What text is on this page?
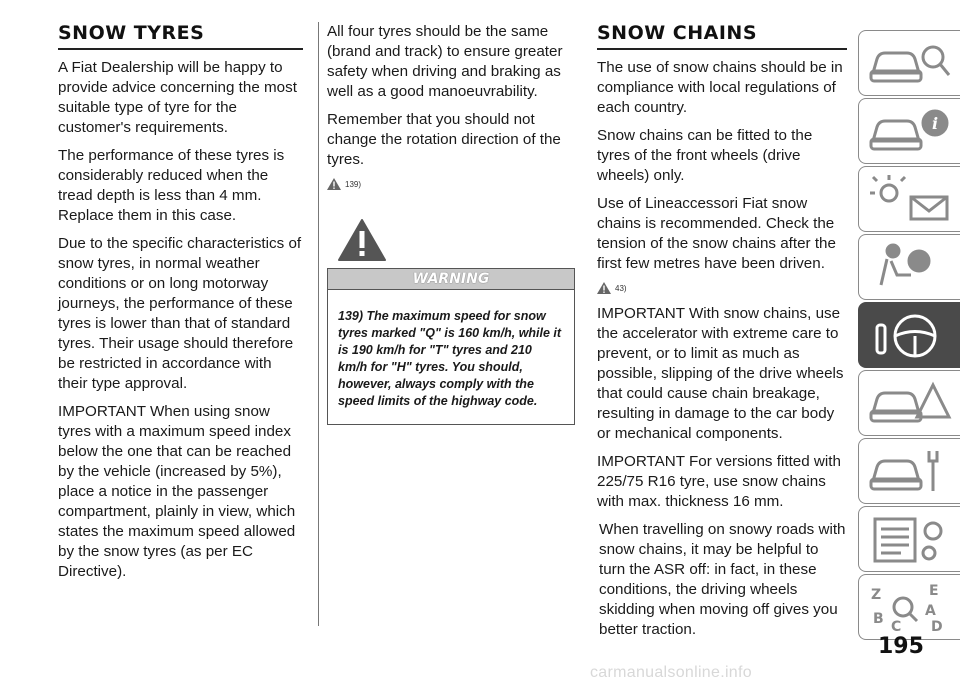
SNOW TYRES

A Fiat Dealership will be happy to provide advice concerning the most suitable type of tyre for the customer's requirements.

The performance of these tyres is considerably reduced when the tread depth is less than 4 mm. Replace them in this case.

Due to the specific characteristics of snow tyres, in normal weather conditions or on long motorway journeys, the performance of these tyres is lower than that of standard tyres. Their usage should therefore be restricted in accordance with their type approval.

IMPORTANT When using snow tyres with a maximum speed index below the one that can be reached by the vehicle (increased by 5%), place a notice in the passenger compartment, plainly in view, which states the maximum speed allowed by the snow tyres (as per EC Directive).

All four tyres should be the same (brand and track) to ensure greater safety when driving and braking as well as a good manoeuvrability.

Remember that you should not change the rotation direction of the tyres.

139)
WARNING

139) The maximum speed for snow tyres marked "Q" is 160 km/h, while it is 190 km/h for "T" tyres and 210 km/h for "H" tyres. You should, however, always comply with the speed limits of the highway code.

SNOW CHAINS

The use of snow chains should be in compliance with local regulations of each country.

Snow chains can be fitted to the tyres of the front wheels (drive wheels) only.

Use of Lineaccessori Fiat snow chains is recommended. Check the tension of the snow chains after the first few metres have been driven.

43)

IMPORTANT With snow chains, use the accelerator with extreme care to prevent, or to limit as much as possible, slipping of the drive wheels that could cause chain breakage, resulting in damage to the car body or mechanical components.

IMPORTANT For versions fitted with 225/75 R16 tyre, use snow chains with max. thickness 16 mm.

When travelling on snowy roads with snow chains, it may be helpful to turn the ASR off: in fact, in these conditions, the driving wheels skidding when moving off gives you better traction.

i
Z	E
B	A
C D
195
carmanualsonline.info
